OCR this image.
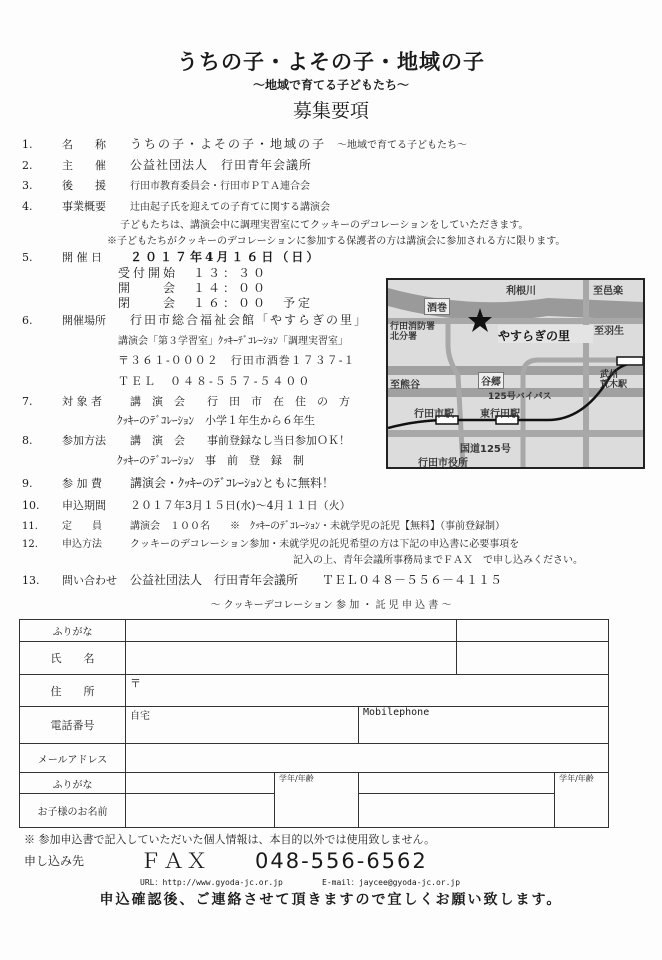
うちの子・よその子・地域の子
～地域で育てる子どもたち～
募集要項
1.	名　　称 うちの子・よその子・地域の子　 ～地域で育てる子どもたち～
2.	主　　催 公益社団法人　行田青年会議所
3.	後　　援 行田市教育委員会・行田市ＰＴＡ連合会
4.	事業概要 辻由起子氏を迎えての子育てに関する講演会
子どもたちは、講演会中に調理実習室にてクッキーのデコレーションをしていただきます。
※子どもたちがクッキーのデコレーションに参加する保護者の方は講演会に参加される方に限ります。
5.	開 催 日 ２０１７年4月１６日（日）
受付開始　１３：３０
開　　会　１４：００
閉　　会　１６：００　予定
6.	開催場所 行田市総合福祉会館「やすらぎの里」
講演会「第３学習室」ｸｯｷｰﾃﾞｺﾚｰｼｮﾝ「調理実習室」
〒３６１-０００２　行田市酒巻１７３７-１
ＴＥＬ　０４８-５５７-５４００
利根川	至邑楽
酒巻
行田消防署
北分署	やすらぎの里 至羽生
至熊谷	谷郷
125号バイパス
武州
荒木駅
行田市駅	東行田駅
国道125号
行田市役所
7.	対 象 者	講　演　会　　行　田　市　在　住　の　方
ｸｯｷｰのﾃﾞｺﾚｰｼｮﾝ　小学１年生から６年生
8.	参加方法 講　演　会　　事前登録なし当日参加ＯＫ！
ｸｯｷｰのﾃﾞｺﾚｰｼｮﾝ　事　前　登　録　制
9.	参 加 費 講演会・ｸｯｷｰのﾃﾞｺﾚｰｼｮﾝともに無料！
10. 申込期間 ２０１７年3月１５日(水)～4月１１日（火）
11. 定　　員	講演会　１００名　　※　ｸｯｷｰのﾃﾞｺﾚｰｼｮﾝ・未就学児の託児【無料】（事前登録制）
12. 申込方法	クッキーのデコレーション参加・未就学児の託児希望の方は下記の申込書に必要事項を
記入の上、青年会議所事務局までＦＡＸ　で申し込みください。
13. 問い合わせ 公益社団法人　行田青年会議所　　ＴＥＬ０４８－５５６－４１１５
～ クッキーデコレーション 参 加 ・ 託 児 申 込 書 ～
ふりがな					
氏　　名					
住　　所	〒				
電話番号	自宅		Mobilephone		
メールアドレス					
ふりがな		学年/年齢			学年/年齢
お子様のお名前					
※ 参加申込書で記入していただいた個人情報は、本目的以外では使用致しません。
申し込み先	ＦＡＸ　　048-556-6562
URL：http://www.gyoda-jc.or.jp	E-mail：jaycee@gyoda-jc.or.jp
申込確認後、ご連絡させて頂きますので宜しくお願い致します。
